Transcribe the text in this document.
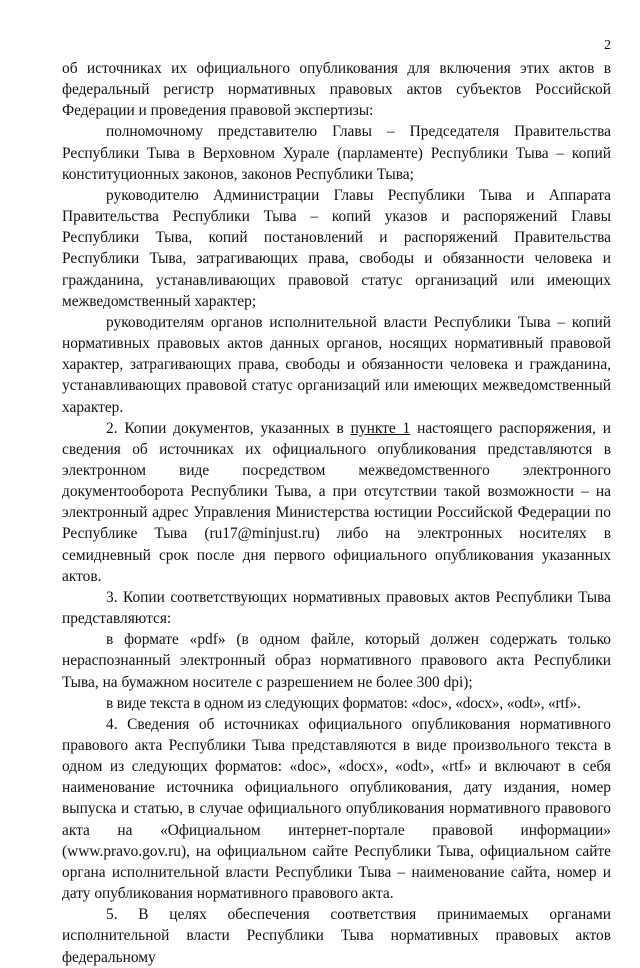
2

об источниках их официального опубликования для включения этих актов в федеральный регистр нормативных правовых актов субъектов Российской Федерации и проведения правовой экспертизы:

полномочному представителю Главы – Председателя Правительства Республики Тыва в Верховном Хурале (парламенте) Республики Тыва – копий конституционных законов, законов Республики Тыва;

руководителю Администрации Главы Республики Тыва и Аппарата Правительства Республики Тыва – копий указов и распоряжений Главы Республики Тыва, копий постановлений и распоряжений Правительства Республики Тыва, затрагивающих права, свободы и обязанности человека и гражданина, устанавливающих правовой статус организаций или имеющих межведомственный характер;

руководителям органов исполнительной власти Республики Тыва – копий нормативных правовых актов данных органов, носящих нормативный правовой характер, затрагивающих права, свободы и обязанности человека и гражданина, устанавливающих правовой статус организаций или имеющих межведомственный характер.

2. Копии документов, указанных в пункте 1 настоящего распоряжения, и сведения об источниках их официального опубликования представляются в электронном виде посредством межведомственного электронного документооборота Республики Тыва, а при отсутствии такой возможности – на электронный адрес Управления Министерства юстиции Российской Федерации по Республике Тыва (ru17@minjust.ru) либо на электронных носителях в семидневный срок после дня первого официального опубликования указанных актов.

3. Копии соответствующих нормативных правовых актов Республики Тыва представляются:

в формате «pdf» (в одном файле, который должен содержать только нераспознанный электронный образ нормативного правового акта Республики Тыва, на бумажном носителе с разрешением не более 300 dpi);

в виде текста в одном из следующих форматов: «doc», «docx», «odt», «rtf».

4. Сведения об источниках официального опубликования нормативного правового акта Республики Тыва представляются в виде произвольного текста в одном из следующих форматов: «doc», «docx», «odt», «rtf» и включают в себя наименование источника официального опубликования, дату издания, номер выпуска и статью, в случае официального опубликования нормативного правового акта на «Официальном интернет-портале правовой информации» (www.pravo.gov.ru), на официальном сайте Республики Тыва, официальном сайте органа исполнительной власти Республики Тыва – наименование сайта, номер и дату опубликования нормативного правового акта.

5. В целях обеспечения соответствия принимаемых органами исполнительной власти Республики Тыва нормативных правовых актов федеральному
